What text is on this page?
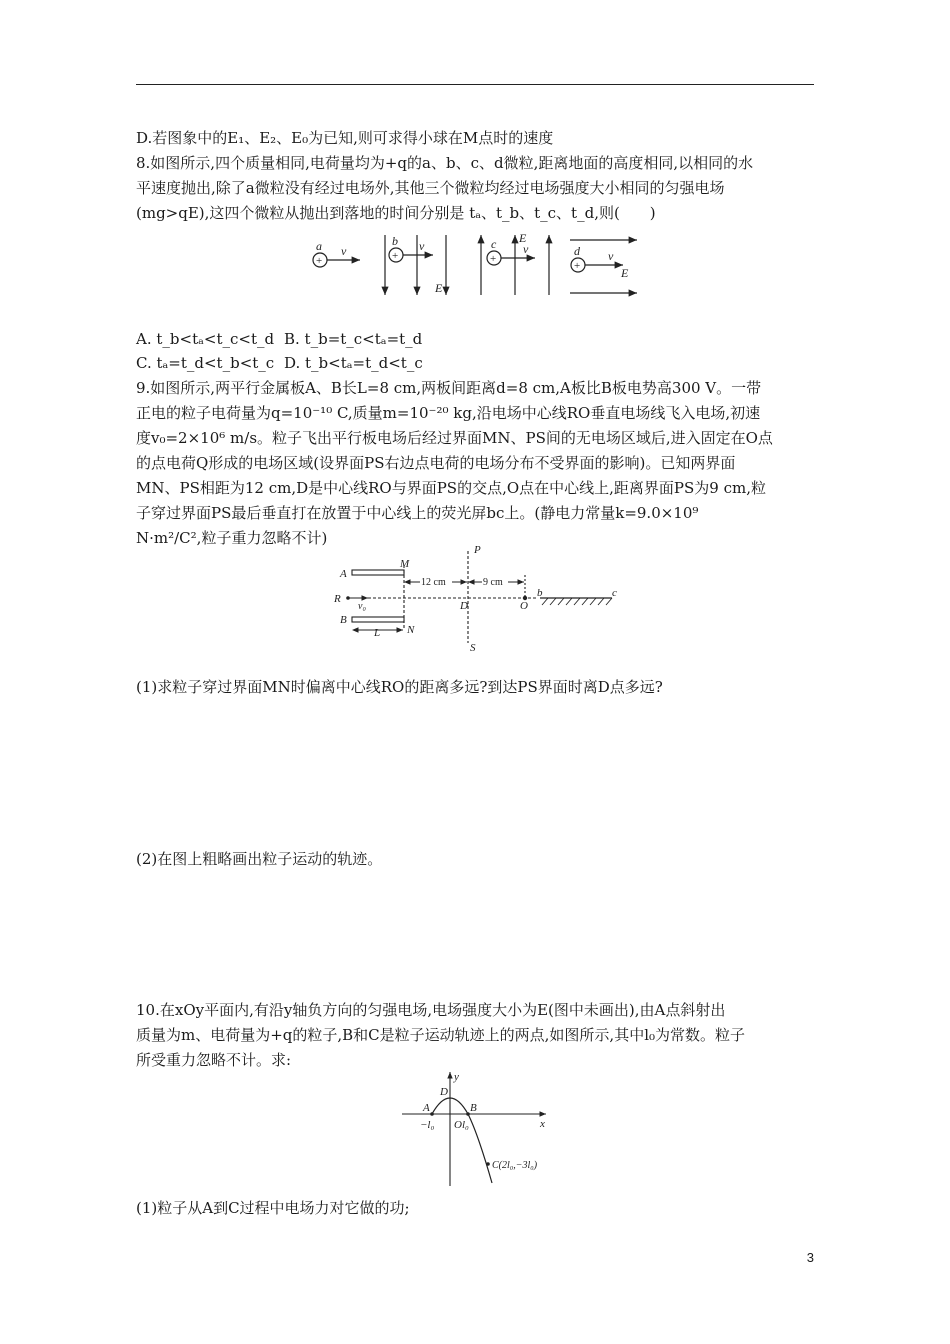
D.若图象中的E₁、E₂、E₀为已知,则可求得小球在M点时的速度
8.如图所示,四个质量相同,电荷量均为+q的a、b、c、d微粒,距离地面的高度相同,以相同的水
平速度抛出,除了a微粒没有经过电场外,其他三个微粒均经过电场强度大小相同的匀强电场
(mg>qE),这四个微粒从抛出到落地的时间分别是 tₐ、t_b、t_c、t_d,则(　　)
a v
+
b v
+
E
c E
v
+
d v
+	E
A. t_b<tₐ<t_c<t_d B. t_b=t_c<tₐ=t_d
C. tₐ=t_d<t_b<t_c D. t_b<tₐ=t_d<t_c
9.如图所示,两平行金属板A、B长L=8 cm,两板间距离d=8 cm,A板比B板电势高300 V。一带
正电的粒子电荷量为q=10⁻¹⁰ C,质量m=10⁻²⁰ kg,沿电场中心线RO垂直电场线飞入电场,初速
度v₀=2×10⁶ m/s。粒子飞出平行板电场后经过界面MN、PS间的无电场区域后,进入固定在O点
的点电荷Q形成的电场区域(设界面PS右边点电荷的电场分布不受界面的影响)。已知两界面
MN、PS相距为12 cm,D是中心线RO与界面PS的交点,O点在中心线上,距离界面PS为9 cm,粒
子穿过界面PS最后垂直打在放置于中心线上的荧光屏bc上。(静电力常量k=9.0×10⁹
N·m²/C²,粒子重力忽略不计)
A
M
P
R
D	O
b	c
v₀
B
N
L
S
12 cm	9 cm
(1)求粒子穿过界面MN时偏离中心线RO的距离多远?到达PS界面时离D点多远?
(2)在图上粗略画出粒子运动的轨迹。
10.在xOy平面内,有沿y轴负方向的匀强电场,电场强度大小为E(图中未画出),由A点斜射出
质量为m、电荷量为+q的粒子,B和C是粒子运动轨迹上的两点,如图所示,其中l₀为常数。粒子
所受重力忽略不计。求:
y
x
D
A	B
O
−l₀	l₀
C(2l₀,−3l₀)
(1)粒子从A到C过程中电场力对它做的功;
3
